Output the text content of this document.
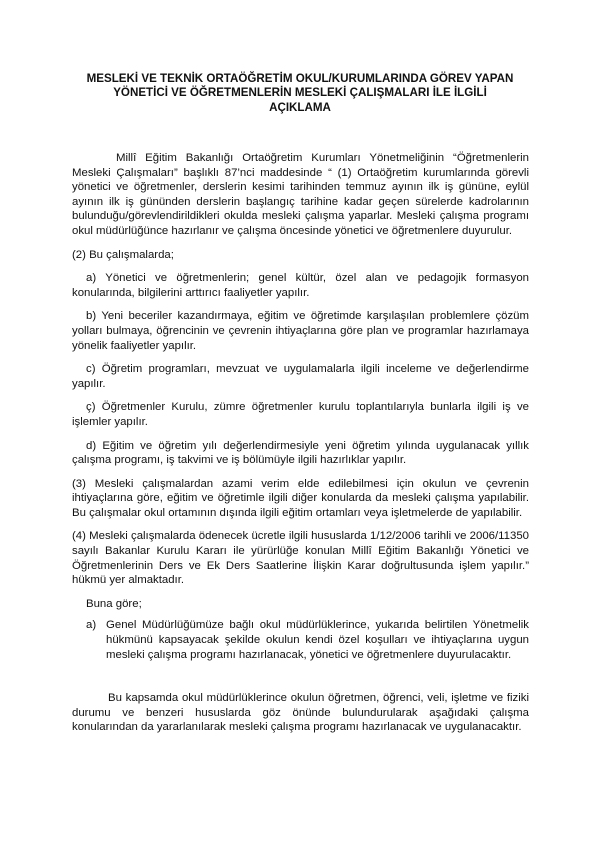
MESLEKİ VE TEKNİK ORTAÖĞRETİM OKUL/KURUMLARINDA GÖREV YAPAN
YÖNETİCİ VE ÖĞRETMENLERİN MESLEKİ ÇALIŞMALARI İLE İLGİLİ
AÇIKLAMA

Millî Eğitim Bakanlığı Ortaöğretim Kurumları Yönetmeliğinin “Öğretmenlerin Mesleki Çalışmaları” başlıklı 87’nci maddesinde “ (1) Ortaöğretim kurumlarında görevli yönetici ve öğretmenler, derslerin kesimi tarihinden temmuz ayının ilk iş gününe, eylül ayının ilk iş gününden derslerin başlangıç tarihine kadar geçen sürelerde kadrolarının bulunduğu/görevlendirildikleri okulda mesleki çalışma yaparlar. Mesleki çalışma programı okul müdürlüğünce hazırlanır ve çalışma öncesinde yönetici ve öğretmenlere duyurulur.

(2) Bu çalışmalarda;

a) Yönetici ve öğretmenlerin; genel kültür, özel alan ve pedagojik formasyon konularında, bilgilerini arttırıcı faaliyetler yapılır.

b) Yeni beceriler kazandırmaya, eğitim ve öğretimde karşılaşılan problemlere çözüm yolları bulmaya, öğrencinin ve çevrenin ihtiyaçlarına göre plan ve programlar hazırlamaya yönelik faaliyetler yapılır.

c) Öğretim programları, mevzuat ve uygulamalarla ilgili inceleme ve değerlendirme yapılır.

ç) Öğretmenler Kurulu, zümre öğretmenler kurulu toplantılarıyla bunlarla ilgili iş ve işlemler yapılır.

d) Eğitim ve öğretim yılı değerlendirmesiyle yeni öğretim yılında uygulanacak yıllık çalışma programı, iş takvimi ve iş bölümüyle ilgili hazırlıklar yapılır.

(3) Mesleki çalışmalardan azami verim elde edilebilmesi için okulun ve çevrenin ihtiyaçlarına göre, eğitim ve öğretimle ilgili diğer konularda da mesleki çalışma yapılabilir. Bu çalışmalar okul ortamının dışında ilgili eğitim ortamları veya işletmelerde de yapılabilir.

(4) Mesleki çalışmalarda ödenecek ücretle ilgili hususlarda 1/12/2006 tarihli ve 2006/11350 sayılı Bakanlar Kurulu Kararı ile yürürlüğe konulan Millî Eğitim Bakanlığı Yönetici ve Öğretmenlerinin Ders ve Ek Ders Saatlerine İlişkin Karar doğrultusunda işlem yapılır.” hükmü yer almaktadır.

Buna göre;

a) Genel Müdürlüğümüze bağlı okul müdürlüklerince, yukarıda belirtilen Yönetmelik hükmünü kapsayacak şekilde okulun kendi özel koşulları ve ihtiyaçlarına uygun mesleki çalışma programı hazırlanacak, yönetici ve öğretmenlere duyurulacaktır.

Bu kapsamda okul müdürlüklerince okulun öğretmen, öğrenci, veli, işletme ve fiziki durumu ve benzeri hususlarda göz önünde bulundurularak aşağıdaki çalışma konularından da yararlanılarak mesleki çalışma programı hazırlanacak ve uygulanacaktır.
